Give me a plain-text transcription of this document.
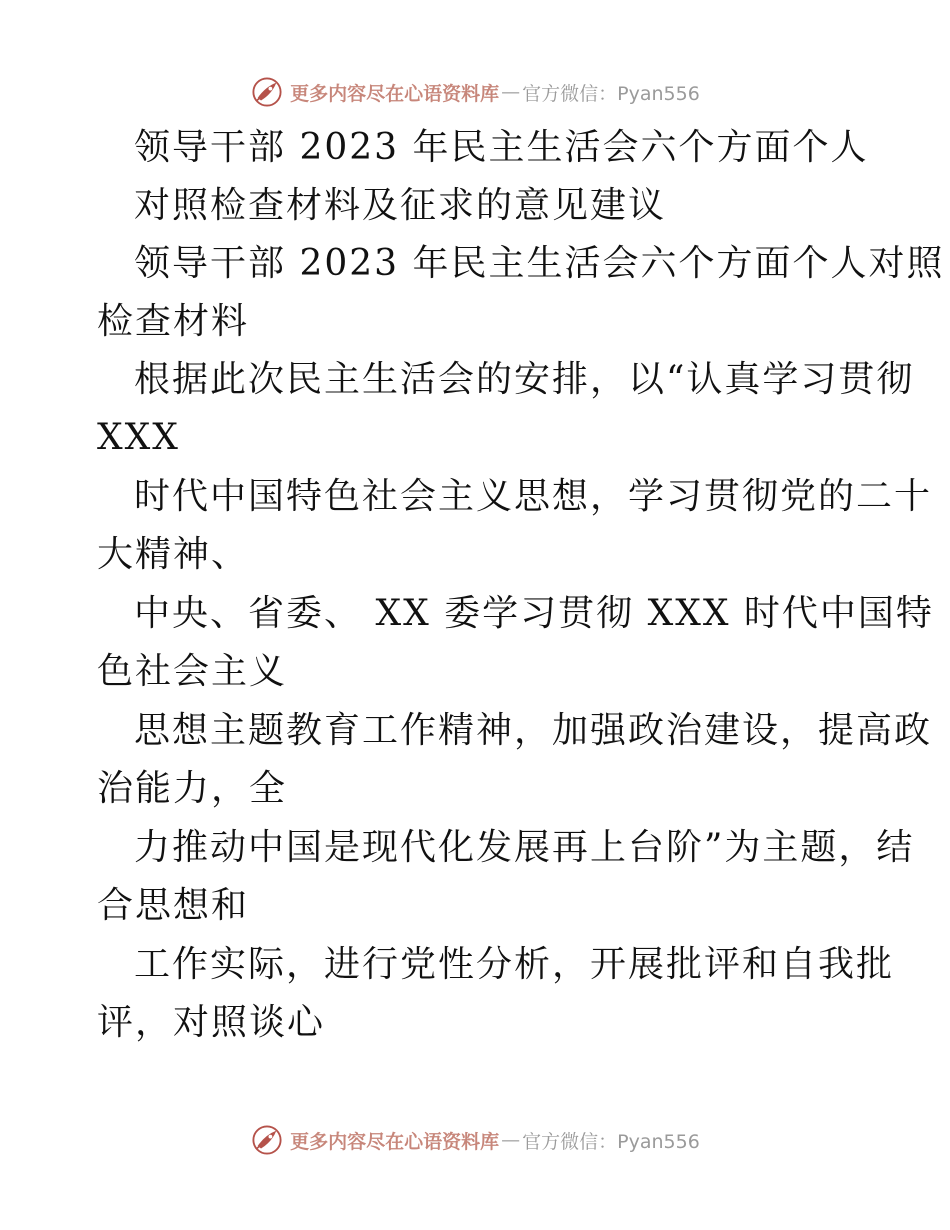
更多内容尽在心语资料库 — 官方微信：Pyan556
领导干部 2023 年民主生活会六个方面个人
对照检查材料及征求的意见建议
领导干部 2023 年民主生活会六个方面个人对照
检查材料
根据此次民主生活会的安排，以“认真学习贯彻
XXX
时代中国特色社会主义思想，学习贯彻党的二十
大精神、
中央、省委、 XX 委学习贯彻 XXX 时代中国特
色社会主义
思想主题教育工作精神，加强政治建设，提高政
治能力，全
力推动中国是现代化发展再上台阶”为主题，结
合思想和
工作实际，进行党性分析，开展批评和自我批
评，对照谈心
更多内容尽在心语资料库 — 官方微信：Pyan556
